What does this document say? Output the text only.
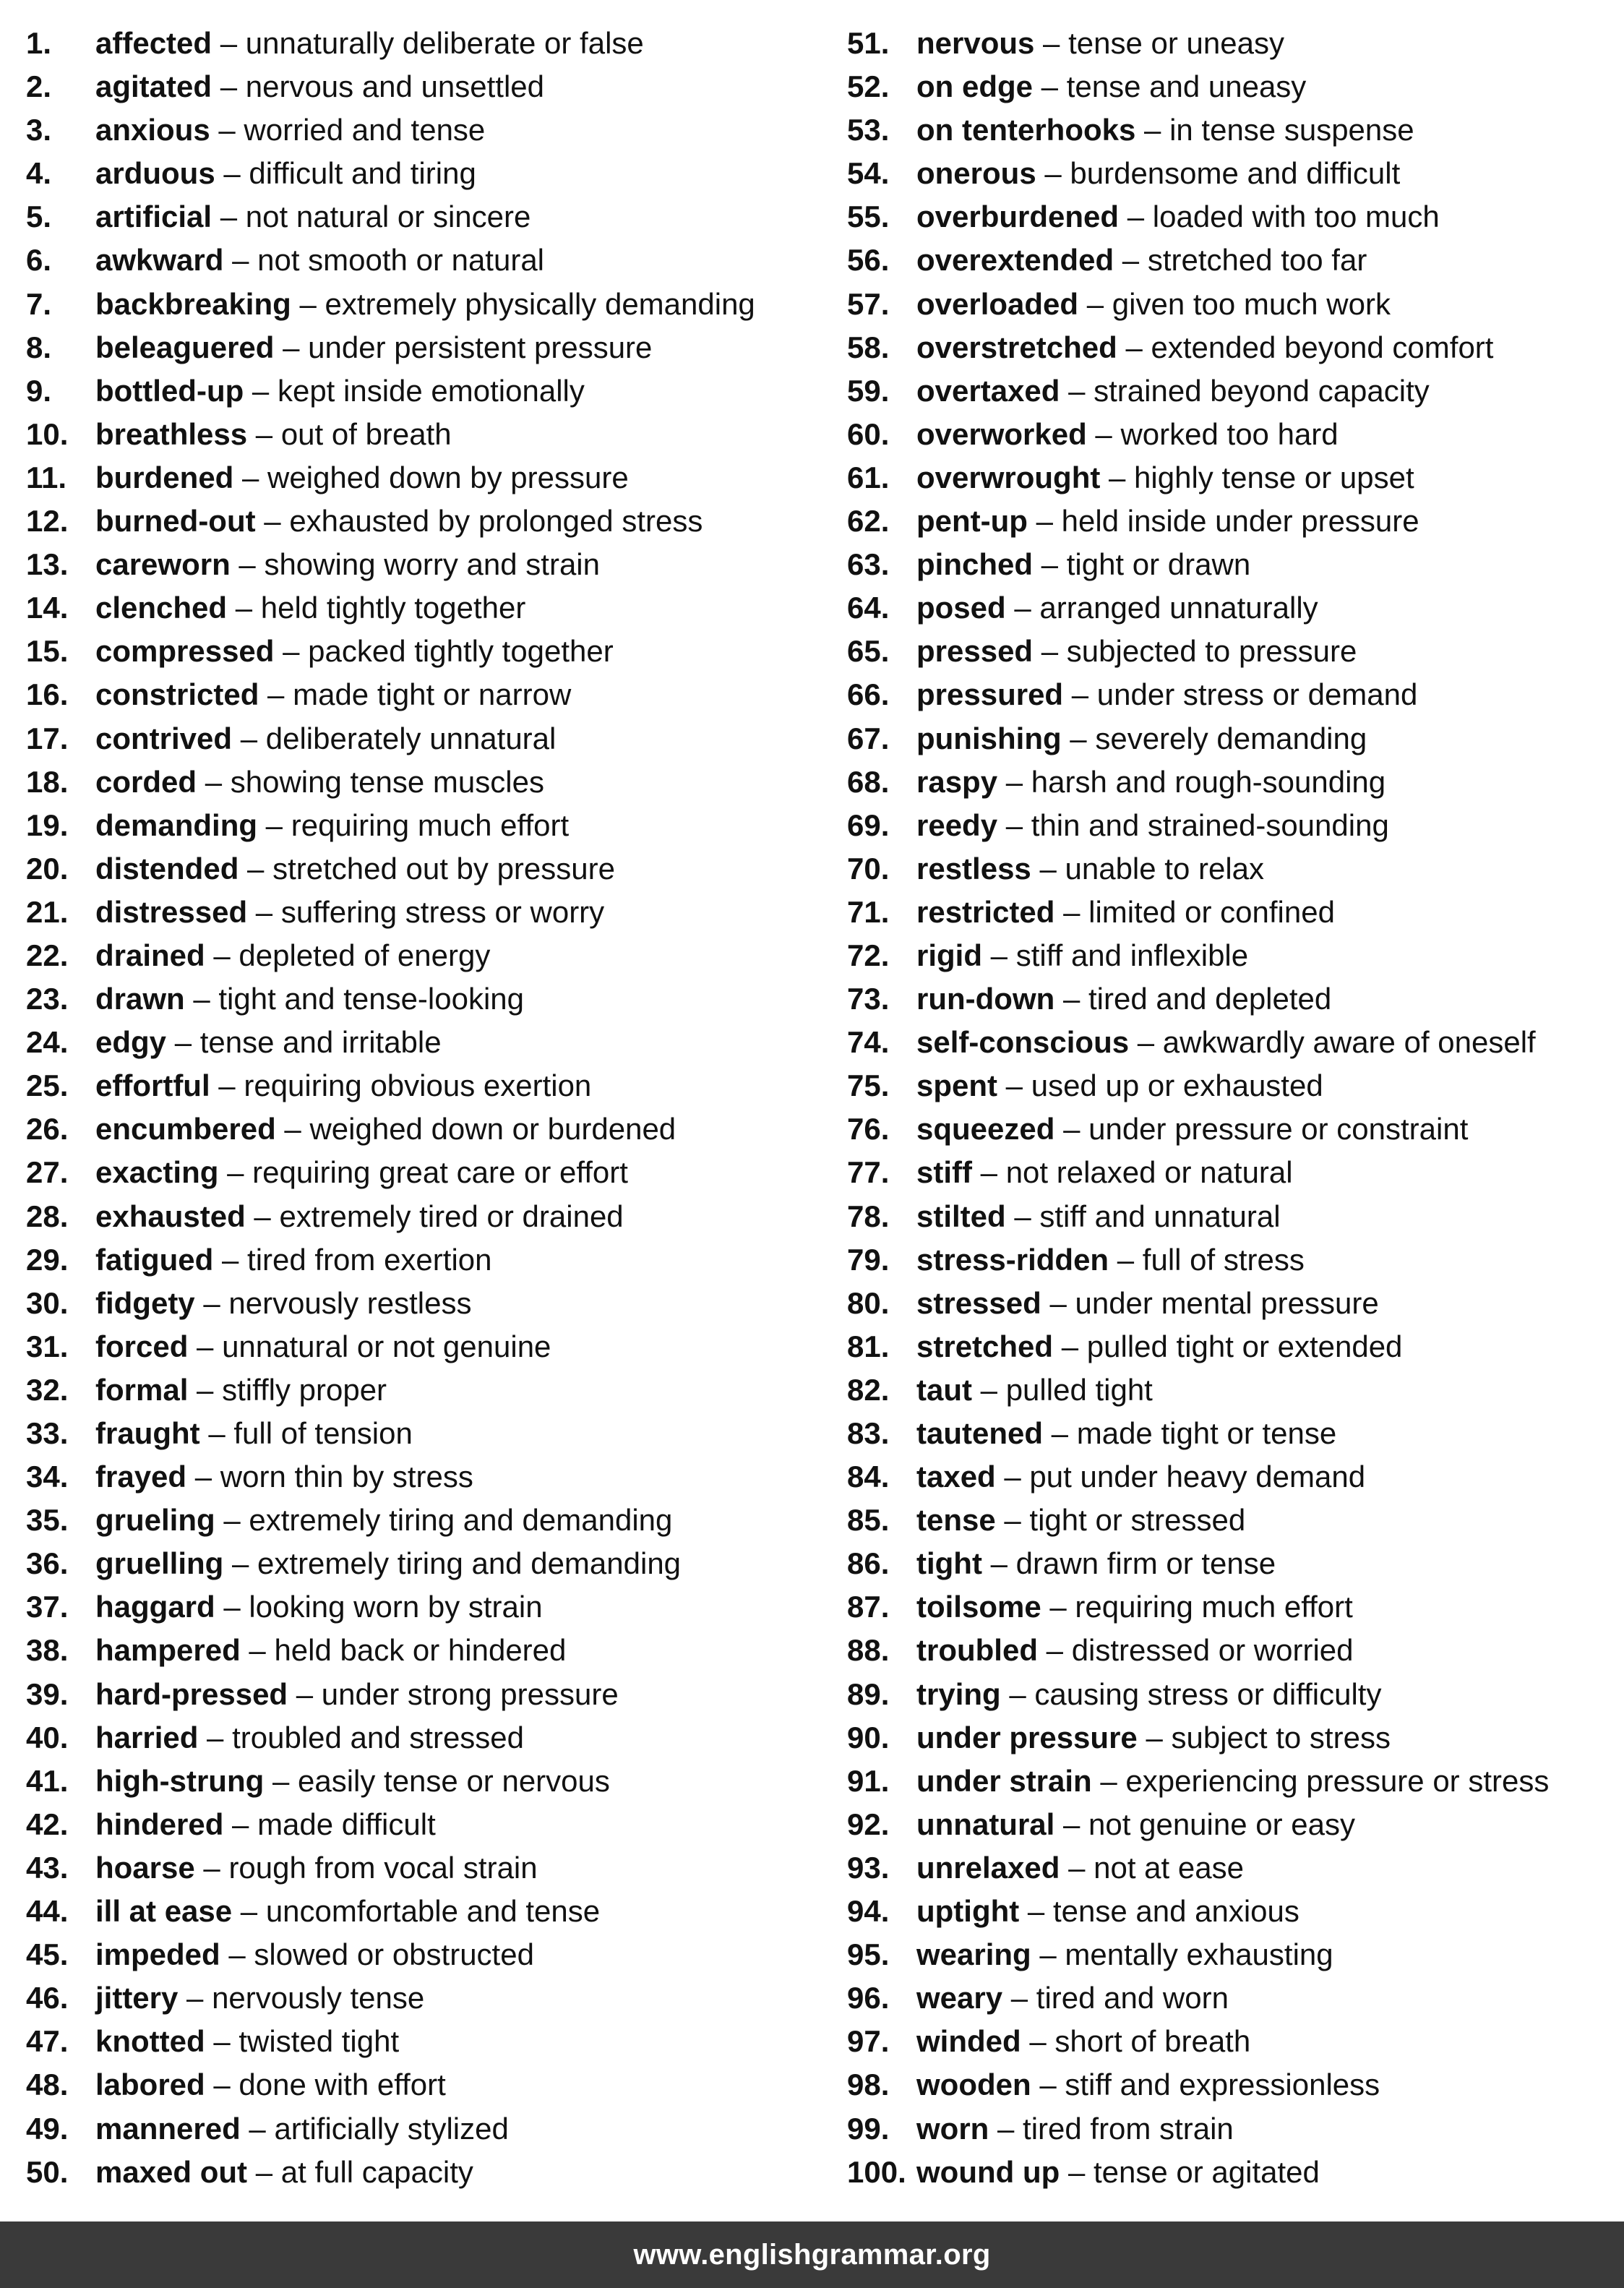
1.	affected – unnaturally deliberate or false
2.	agitated – nervous and unsettled
3.	anxious – worried and tense
4.	arduous – difficult and tiring
5.	artificial – not natural or sincere
6.	awkward – not smooth or natural
7.	backbreaking – extremely physically demanding
8.	beleaguered – under persistent pressure
9.	bottled-up – kept inside emotionally
10. breathless – out of breath
11. burdened – weighed down by pressure
12. burned-out – exhausted by prolonged stress
13. careworn – showing worry and strain
14. clenched – held tightly together
15. compressed – packed tightly together
16. constricted – made tight or narrow
17. contrived – deliberately unnatural
18. corded – showing tense muscles
19. demanding – requiring much effort
20. distended – stretched out by pressure
21. distressed – suffering stress or worry
22. drained – depleted of energy
23. drawn – tight and tense-looking
24. edgy – tense and irritable
25. effortful – requiring obvious exertion
26. encumbered – weighed down or burdened
27. exacting – requiring great care or effort
28. exhausted – extremely tired or drained
29. fatigued – tired from exertion
30. fidgety – nervously restless
31. forced – unnatural or not genuine
32. formal – stiffly proper
33. fraught – full of tension
34. frayed – worn thin by stress
35. grueling – extremely tiring and demanding
36. gruelling – extremely tiring and demanding
37. haggard – looking worn by strain
38. hampered – held back or hindered
39. hard-pressed – under strong pressure
40. harried – troubled and stressed
41. high-strung – easily tense or nervous
42. hindered – made difficult
43. hoarse – rough from vocal strain
44. ill at ease – uncomfortable and tense
45. impeded – slowed or obstructed
46. jittery – nervously tense
47. knotted – twisted tight
48. labored – done with effort
49. mannered – artificially stylized
50. maxed out – at full capacity
51. nervous – tense or uneasy
52. on edge – tense and uneasy
53. on tenterhooks – in tense suspense
54. onerous – burdensome and difficult
55. overburdened – loaded with too much
56. overextended – stretched too far
57. overloaded – given too much work
58. overstretched – extended beyond comfort
59. overtaxed – strained beyond capacity
60. overworked – worked too hard
61. overwrought – highly tense or upset
62. pent-up – held inside under pressure
63. pinched – tight or drawn
64. posed – arranged unnaturally
65. pressed – subjected to pressure
66. pressured – under stress or demand
67. punishing – severely demanding
68. raspy – harsh and rough-sounding
69. reedy – thin and strained-sounding
70. restless – unable to relax
71. restricted – limited or confined
72. rigid – stiff and inflexible
73. run-down – tired and depleted
74. self-conscious – awkwardly aware of oneself
75. spent – used up or exhausted
76. squeezed – under pressure or constraint
77. stiff – not relaxed or natural
78. stilted – stiff and unnatural
79. stress-ridden – full of stress
80. stressed – under mental pressure
81. stretched – pulled tight or extended
82. taut – pulled tight
83. tautened – made tight or tense
84. taxed – put under heavy demand
85. tense – tight or stressed
86. tight – drawn firm or tense
87. toilsome – requiring much effort
88. troubled – distressed or worried
89. trying – causing stress or difficulty
90. under pressure – subject to stress
91. under strain – experiencing pressure or stress
92. unnatural – not genuine or easy
93. unrelaxed – not at ease
94. uptight – tense and anxious
95. wearing – mentally exhausting
96. weary – tired and worn
97. winded – short of breath
98. wooden – stiff and expressionless
99. worn – tired from strain
100. wound up – tense or agitated
www.englishgrammar.org
